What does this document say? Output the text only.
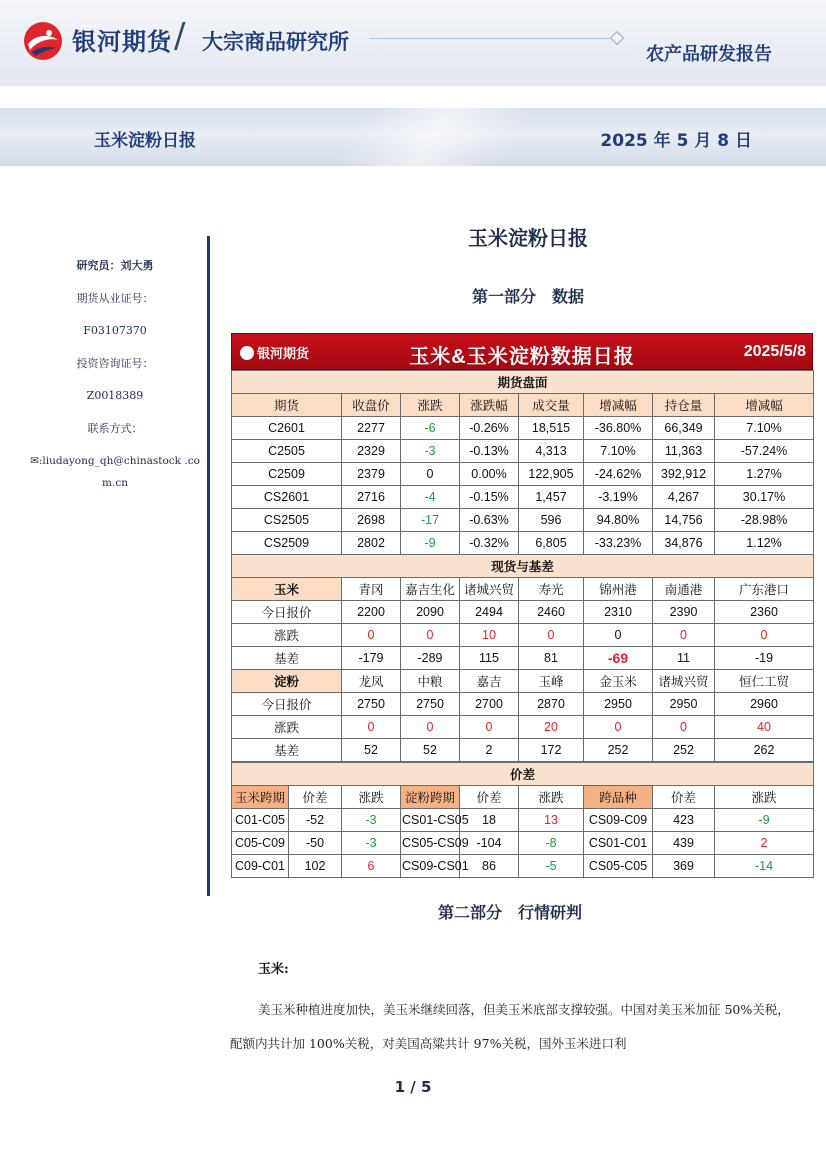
银河期货 / 大宗商品研究所
农产品研发报告
玉米淀粉日报	2025 年 5 月 8 日
研究员：刘大勇
期货从业证号：
F03107370
投资咨询证号：
Z0018389
联系方式：
✉:liudayong_qh@chinastock .co
m.cn
玉米淀粉日报
第一部分　数据
银河期货	玉米&玉米淀粉数据日报	2025/5/8
期货盘面							
期货	收盘价	涨跌	涨跌幅	成交量	增减幅	持仓量	增减幅
C2601	2277	-6	-0.26%	18,515	-36.80%	66,349	7.10%
C2505	2329	-3	-0.13%	4,313	7.10%	11,363	-57.24%
C2509	2379	0	0.00%	122,905	-24.62%	392,912	1.27%
CS2601	2716	-4	-0.15%	1,457	-3.19%	4,267	30.17%
CS2505	2698	-17	-0.63%	596	94.80%	14,756	-28.98%
CS2509	2802	-9	-0.32%	6,805	-33.23%	34,876	1.12%
现货与基差							
玉米	青冈	嘉吉生化	诸城兴贸	寿光	锦州港	南通港	广东港口
今日报价	2200	2090	2494	2460	2310	2390	2360
涨跌	0	0	10	0	0	0	0
基差	-179	-289	115	81	-69	11	-19
淀粉	龙凤	中粮	嘉吉	玉峰	金玉米	诸城兴贸	恒仁工贸
今日报价	2750	2750	2700	2870	2950	2950	2960
涨跌	0	0	0	20	0	0	40
基差	52	52	2	172	252	252	262
价差								
玉米跨期	价差	涨跌	淀粉跨期	价差	涨跌	跨品种	价差	涨跌
C01-C05	-52	-3	CS01-CS05	18	13	CS09-C09	423	-9
C05-C09	-50	-3	CS05-CS09	-104	-8	CS01-C01	439	2
C09-C01	102	6	CS09-CS01	86	-5	CS05-C05	369	-14
第二部分　行情研判
玉米:
美玉米种植进度加快，美玉米继续回落，但美玉米底部支撑较强。中国对美玉米加征 50%关税，配额内共计加 100%关税，对美国高粱共计 97%关税，国外玉米进口利
1 / 5
